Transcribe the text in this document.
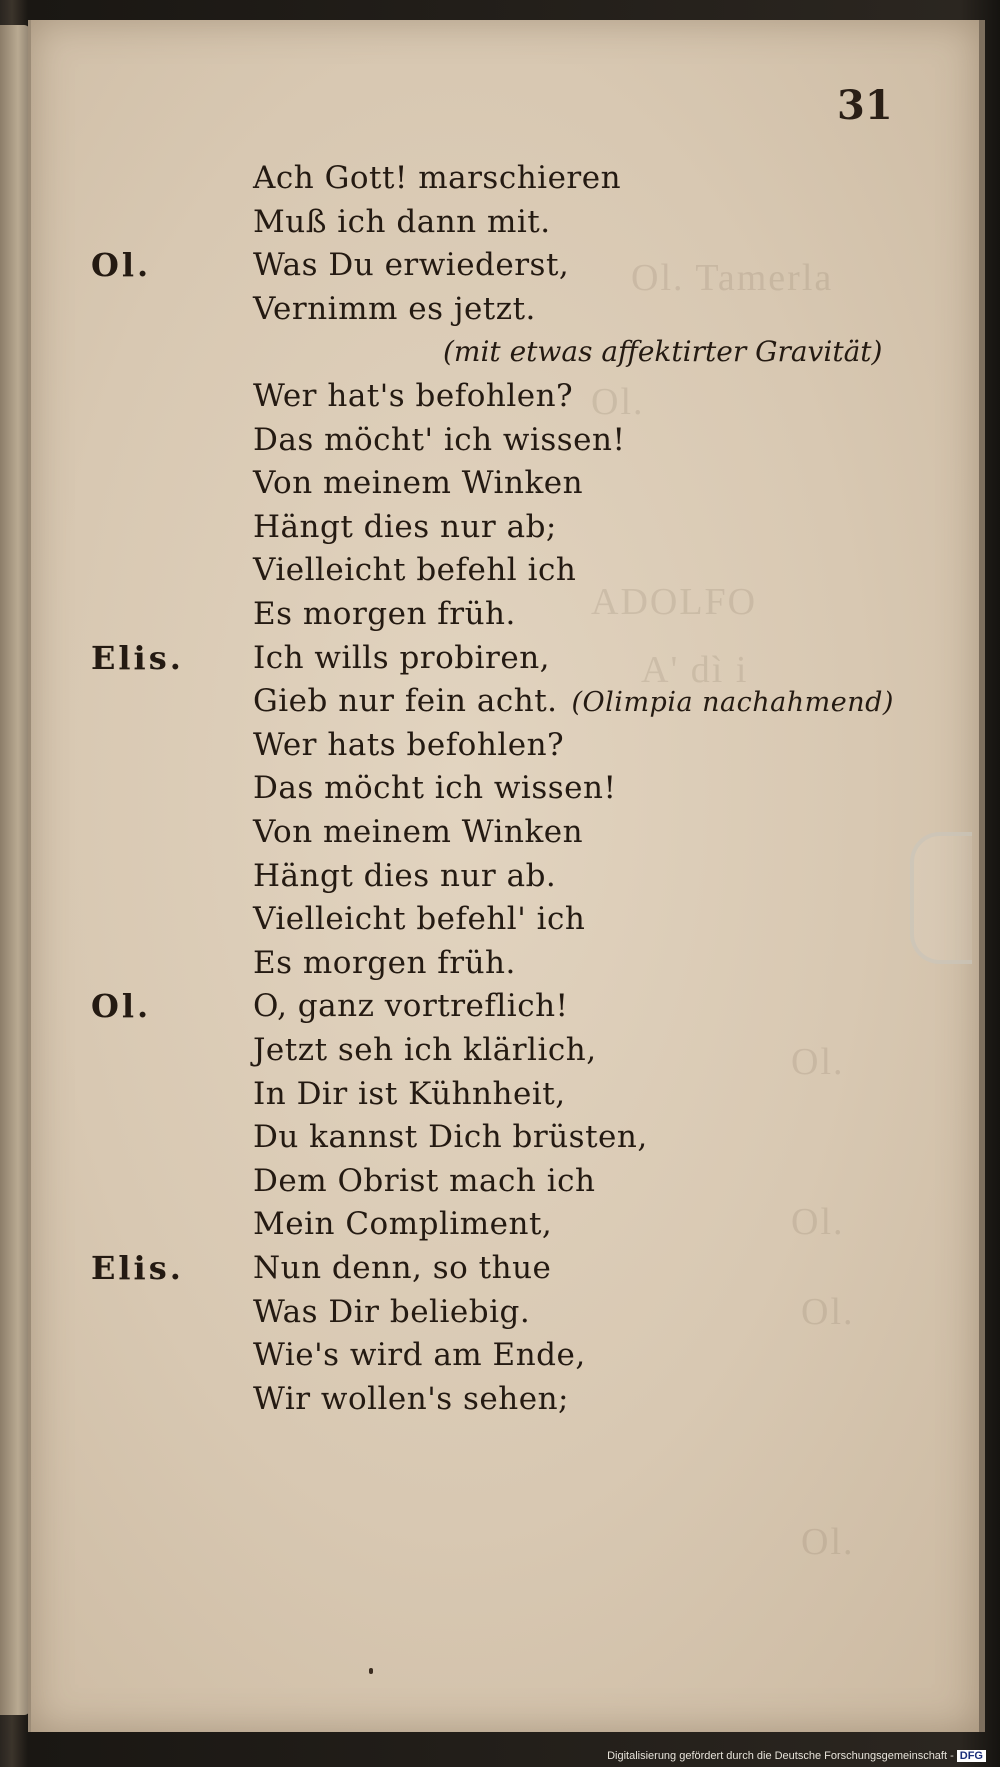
Ol. Tamerla
Ol.
ADOLFO
A' dì i
Ol.
Ol.
Ol.
Ol.
31
Ach Gott! marschieren
Muß ich dann mit.
Ol.	Was Du erwiederst,
Vernimm es jetzt.
(mit etwas affektirter Gravität)
Wer hat's befohlen?
Das möcht' ich wissen!
Von meinem Winken
Hängt dies nur ab;
Vielleicht befehl ich
Es morgen früh.
Elis. Ich wills probiren,
Gieb nur fein acht. (Olimpia nachahmend)
Wer hats befohlen?
Das möcht ich wissen!
Von meinem Winken
Hängt dies nur ab.
Vielleicht befehl' ich
Es morgen früh.
Ol.	O, ganz vortreflich!
Jetzt seh ich klärlich,
In Dir ist Kühnheit,
Du kannst Dich brüsten,
Dem Obrist mach ich
Mein Compliment,
Elis. Nun denn, so thue
Was Dir beliebig.
Wie's wird am Ende,
Wir wollen's sehen;
Digitalisierung gefördert durch die Deutsche Forschungsgemeinschaft - DFG
